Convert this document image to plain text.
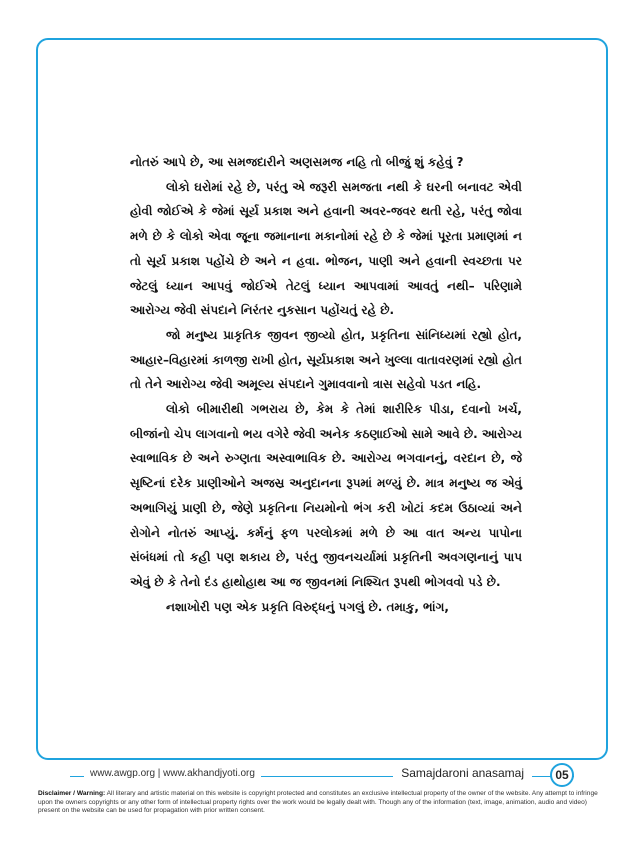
નોતરું આપે છે, આ સમજદારીને અણસમજ નહિ તો બીજું શું કહેવું ?

લોકો ઘરોમાં રહે છે, પરંતુ એ જરૂરી સમજતા નથી કે ઘરની બનાવટ એવી હોવી જોઈએ કે જેમાં સૂર્ય પ્રકાશ અને હવાની અવર-જવર થતી રહે, પરંતુ જોવા મળે છે કે લોકો એવા જૂના જમાનાના મકાનોમાં રહે છે કે જેમાં પૂરતા પ્રમાણમાં ન તો સૂર્ય પ્રકાશ પહોંચે છે અને ન હવા. ભોજન, પાણી અને હવાની સ્વચ્છતા પર જેટલું ધ્યાન આપવું જોઈએ તેટલું ધ્યાન આપવામાં આવતું નથી– પરિણામે આરોગ્ય જેવી સંપદાને નિરંતર નુકસાન પહોંચતું રહે છે.

જો મનુષ્ય પ્રાકૃતિક જીવન જીવ્યો હોત, પ્રકૃતિના સાંનિધ્યમાં રહ્યો હોત, આહાર–વિહારમાં કાળજી રાખી હોત, સૂર્યપ્રકાશ અને ખુલ્લા વાતાવરણમાં રહ્યો હોત તો તેને આરોગ્ય જેવી અમૂલ્ય સંપદાને ગુમાવવાનો ત્રાસ સહેવો પડત નહિ.

લોકો બીમારીથી ગભરાય છે, કેમ કે તેમાં શારીરિક પીડા, દવાનો ખર્ચ, બીજાંનો ચેપ લાગવાનો ભય વગેરે જેવી અનેક કઠણાઈઓ સામે આવે છે. આરોગ્ય સ્વાભાવિક છે અને રુગ્ણતા અસ્વાભાવિક છે. આરોગ્ય ભગવાનનું, વરદાન છે, જે સૃષ્ટિનાં દરેક પ્રાણીઓને અજસ્ર અનુદાનના રૂપમાં મળ્યું છે. માત્ર મનુષ્ય જ એવું અભાગિયું પ્રાણી છે, જેણે પ્રકૃતિના નિયમોનો ભંગ કરી ખોટાં કદમ ઉઠાવ્યાં અને રોગોને નોતરું આપ્યું. કર્મનું ફળ પરલોકમાં મળે છે આ વાત અન્ય પાપોના સંબંધમાં તો કહી પણ શકાય છે, પરંતુ જીવનચર્યામાં પ્રકૃતિની અવગણનાનું પાપ એવું છે કે તેનો દંડ હાથોહાથ આ જ જીવનમાં નિશ્ચિત રૂપથી ભોગવવો પડે છે.

નશાખોરી પણ એક પ્રકૃતિ વિરુદ્ધનું પગલું છે. તમાકુ, ભાંગ,

www.awgp.org | www.akhandjyoti.org	Samajdaroni anasamaj	05
Disclaimer / Warning: All literary and artistic material on this website is copyright protected and constitutes an exclusive intellectual property of the owner of the website. Any attempt to infringe upon the owners copyrights or any other form of intellectual property rights over the work would be legally dealt with. Though any of the information (text, image, animation, audio and video) present on the website can be used for propagation with prior written consent.
